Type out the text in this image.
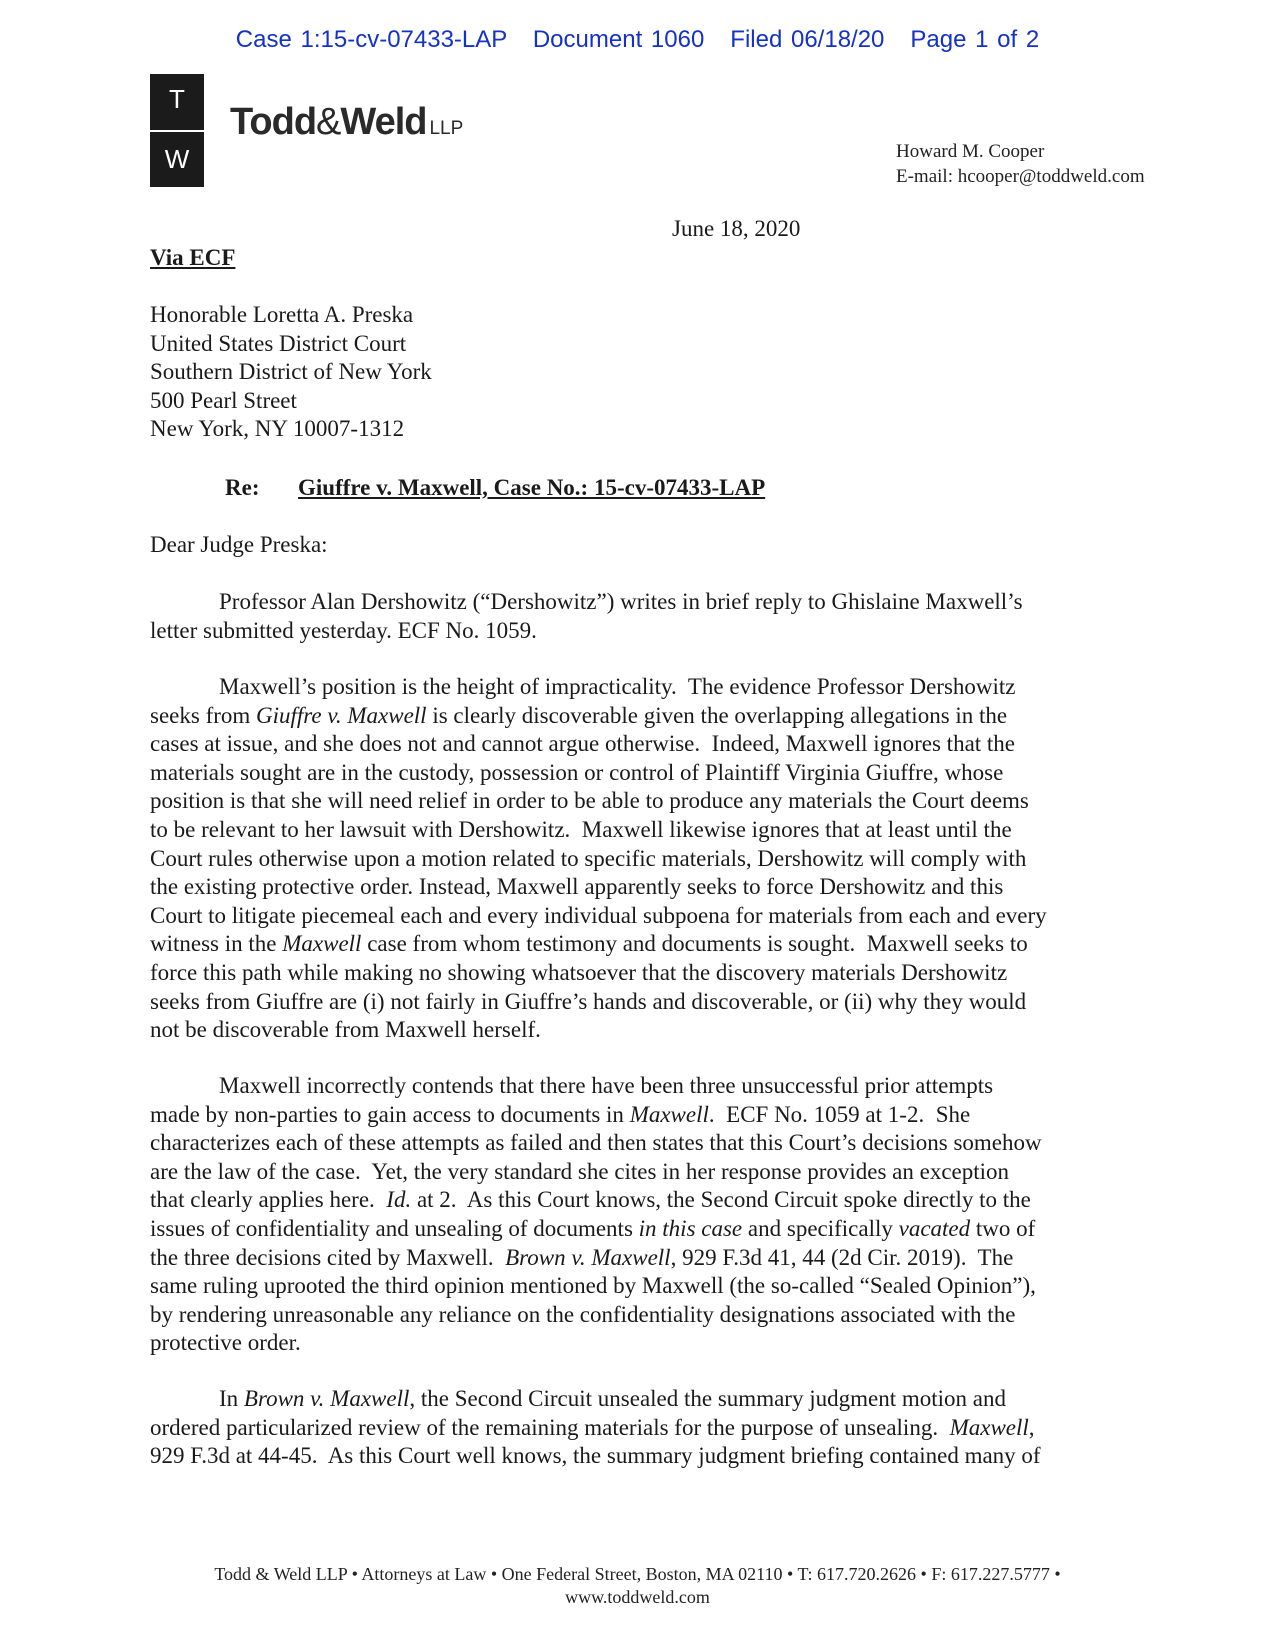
Case 1:15-cv-07433-LAP   Document 1060   Filed 06/18/20   Page 1 of 2
T
W
Todd&Weld LLP
Howard M. Cooper
E-mail: hcooper@toddweld.com
June 18, 2020
Via ECF
Honorable Loretta A. Preska
United States District Court
Southern District of New York
500 Pearl Street
New York, NY 10007-1312
Re: Giuffre v. Maxwell, Case No.: 15-cv-07433-LAP
Dear Judge Preska:
Professor Alan Dershowitz (“Dershowitz”) writes in brief reply to Ghislaine Maxwell’s
letter submitted yesterday. ECF No. 1059.
Maxwell’s position is the height of impracticality.  The evidence Professor Dershowitz
seeks from Giuffre v. Maxwell is clearly discoverable given the overlapping allegations in the
cases at issue, and she does not and cannot argue otherwise.  Indeed, Maxwell ignores that the
materials sought are in the custody, possession or control of Plaintiff Virginia Giuffre, whose
position is that she will need relief in order to be able to produce any materials the Court deems
to be relevant to her lawsuit with Dershowitz.  Maxwell likewise ignores that at least until the
Court rules otherwise upon a motion related to specific materials, Dershowitz will comply with
the existing protective order. Instead, Maxwell apparently seeks to force Dershowitz and this
Court to litigate piecemeal each and every individual subpoena for materials from each and every
witness in the Maxwell case from whom testimony and documents is sought.  Maxwell seeks to
force this path while making no showing whatsoever that the discovery materials Dershowitz
seeks from Giuffre are (i) not fairly in Giuffre’s hands and discoverable, or (ii) why they would
not be discoverable from Maxwell herself.
Maxwell incorrectly contends that there have been three unsuccessful prior attempts
made by non-parties to gain access to documents in Maxwell.  ECF No. 1059 at 1-2.  She
characterizes each of these attempts as failed and then states that this Court’s decisions somehow
are the law of the case.  Yet, the very standard she cites in her response provides an exception
that clearly applies here.  Id. at 2.  As this Court knows, the Second Circuit spoke directly to the
issues of confidentiality and unsealing of documents in this case and specifically vacated two of
the three decisions cited by Maxwell.  Brown v. Maxwell, 929 F.3d 41, 44 (2d Cir. 2019).  The
same ruling uprooted the third opinion mentioned by Maxwell (the so-called “Sealed Opinion”),
by rendering unreasonable any reliance on the confidentiality designations associated with the
protective order.
In Brown v. Maxwell, the Second Circuit unsealed the summary judgment motion and
ordered particularized review of the remaining materials for the purpose of unsealing.  Maxwell,
929 F.3d at 44-45.  As this Court well knows, the summary judgment briefing contained many of
Todd & Weld LLP • Attorneys at Law • One Federal Street, Boston, MA 02110 • T: 617.720.2626 • F: 617.227.5777 •
www.toddweld.com
